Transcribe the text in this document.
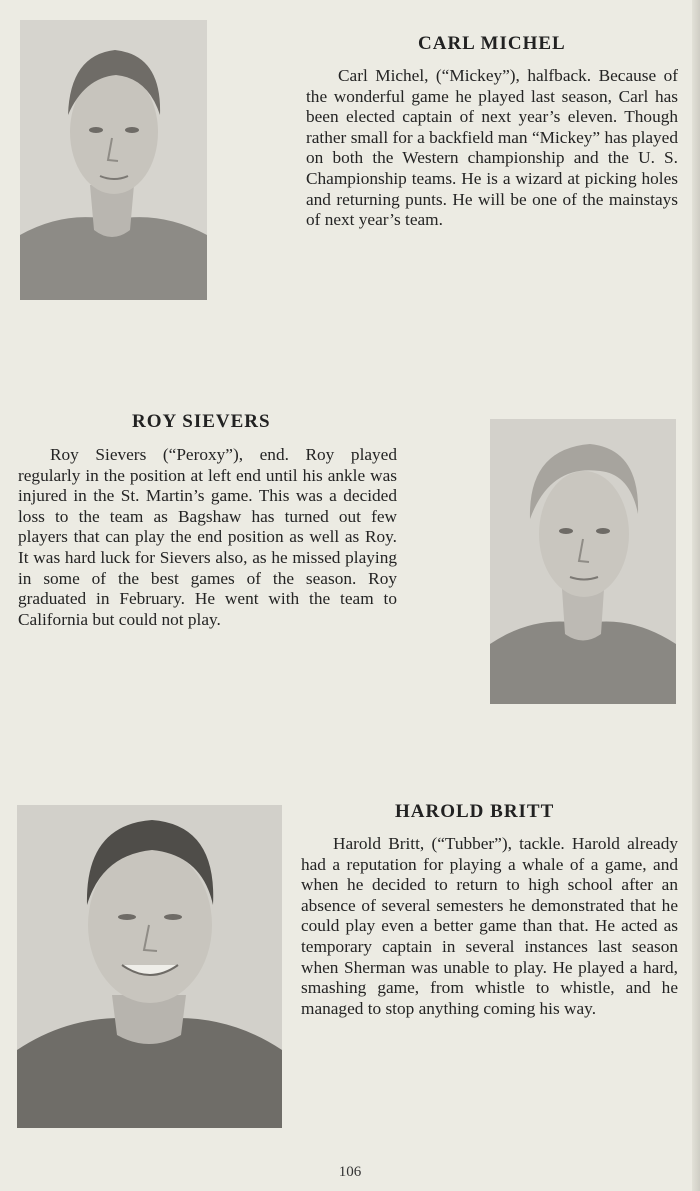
CARL MICHEL

Carl Michel, (“Mickey”), halfback. Because of the wonderful game he played last season, Carl has been elected captain of next year’s eleven. Though rather small for a backfield man “Mickey” has played on both the Western championship and the U. S. Championship teams. He is a wizard at picking holes and returning punts. He will be one of the mainstays of next year’s team.

ROY SIEVERS

Roy Sievers (“Peroxy”), end. Roy played regularly in the position at left end until his ankle was injured in the St. Martin’s game. This was a decided loss to the team as Bagshaw has turned out few players that can play the end position as well as Roy. It was hard luck for Sievers also, as he missed playing in some of the best games of the season. Roy graduated in February. He went with the team to California but could not play.

HAROLD BRITT

Harold Britt, (“Tubber”), tackle. Harold already had a reputation for playing a whale of a game, and when he decided to return to high school after an absence of several semesters he demonstrated that he could play even a better game than that. He acted as temporary captain in several instances last season when Sherman was unable to play. He played a hard, smashing game, from whistle to whistle, and he managed to stop anything coming his way.

106
